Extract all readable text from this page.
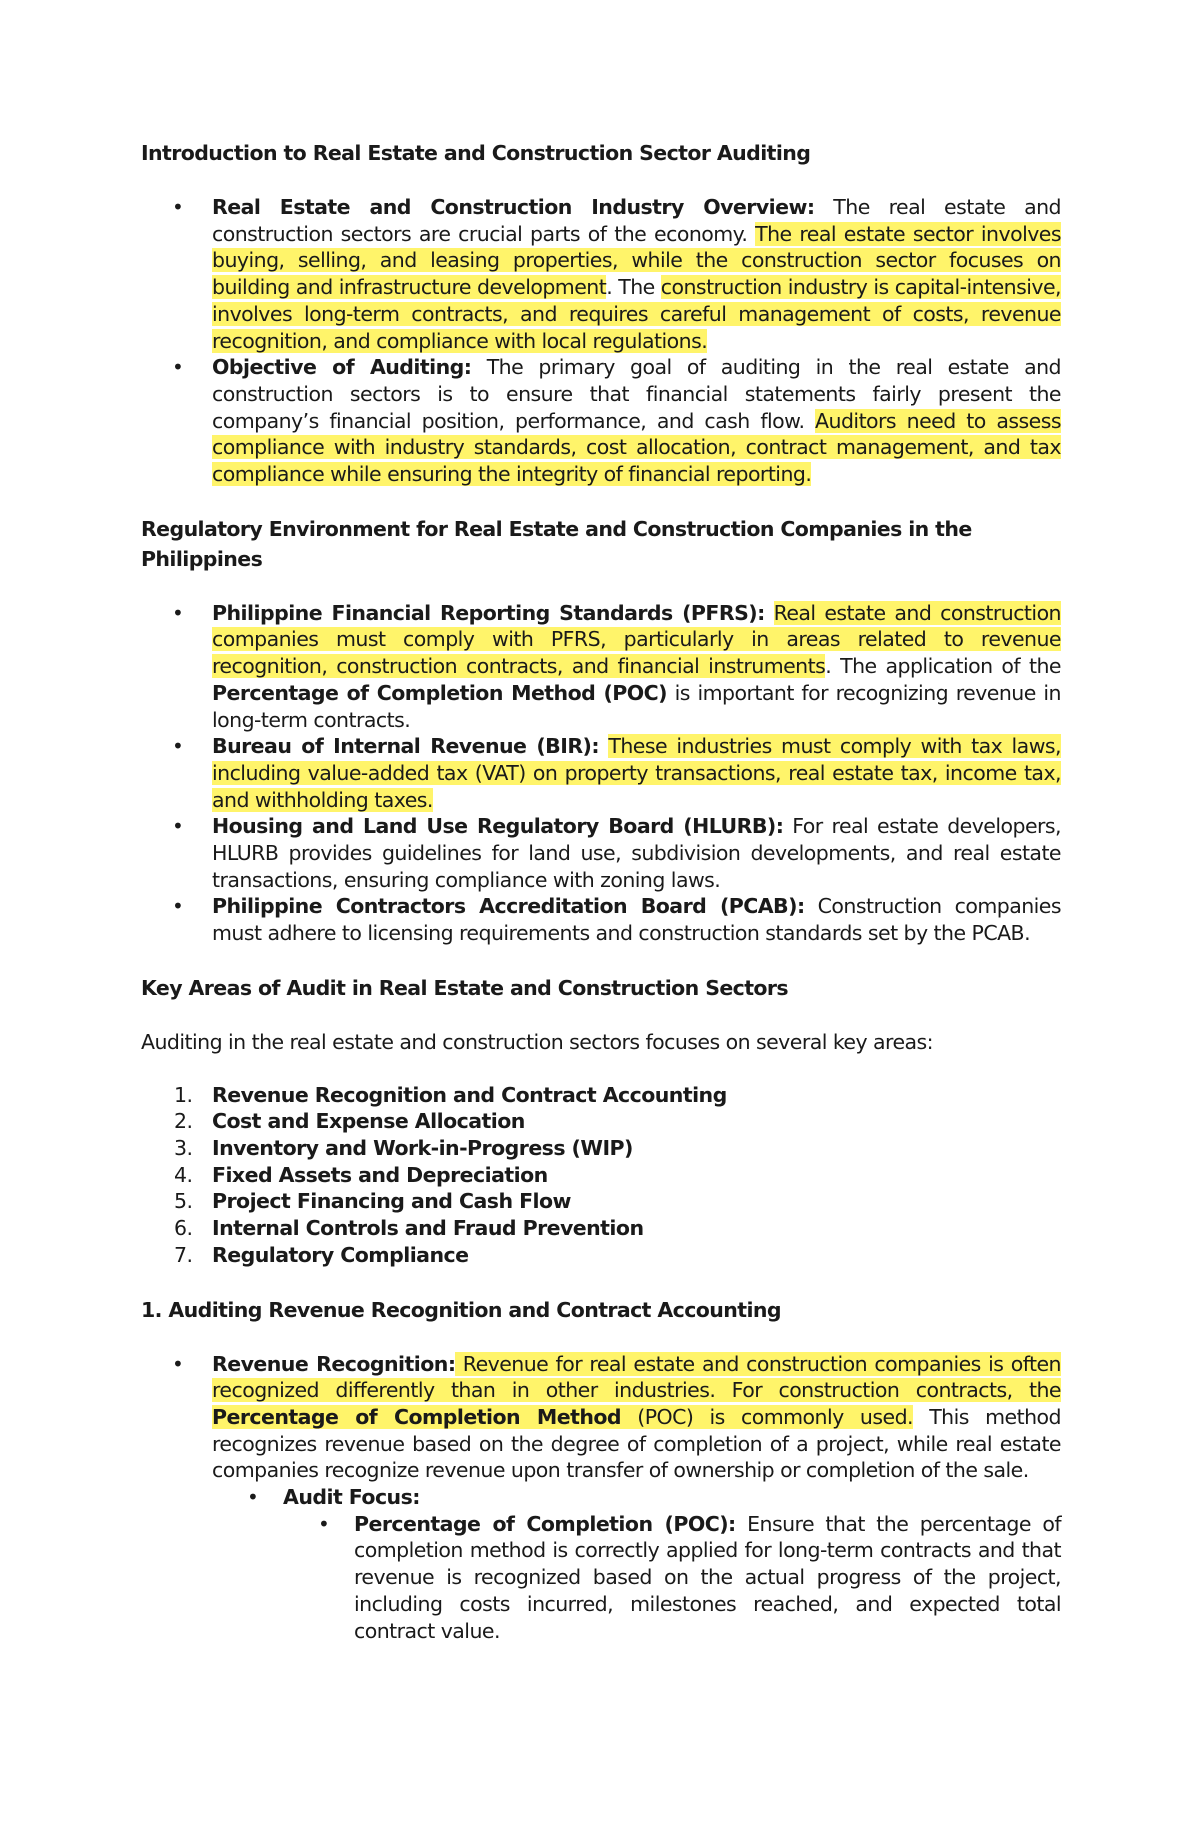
Introduction to Real Estate and Construction Sector Auditing
• Real Estate and Construction Industry Overview: The real estate and construction sectors are crucial parts of the economy. The real estate sector involves buying, selling, and leasing properties, while the construction sector focuses on building and infrastructure development. The construction industry is capital-intensive, involves long-term contracts, and requires careful management of costs, revenue recognition, and compliance with local regulations.
• Objective of Auditing: The primary goal of auditing in the real estate and construction sectors is to ensure that financial statements fairly present the company’s financial position, performance, and cash flow. Auditors need to assess compliance with industry standards, cost allocation, contract management, and tax compliance while ensuring the integrity of financial reporting.
Regulatory Environment for Real Estate and Construction Companies in the Philippines
• Philippine Financial Reporting Standards (PFRS): Real estate and construction companies must comply with PFRS, particularly in areas related to revenue recognition, construction contracts, and financial instruments. The application of the Percentage of Completion Method (POC) is important for recognizing revenue in long-term contracts.
• Bureau of Internal Revenue (BIR): These industries must comply with tax laws, including value-added tax (VAT) on property transactions, real estate tax, income tax, and withholding taxes.
• Housing and Land Use Regulatory Board (HLURB): For real estate developers, HLURB provides guidelines for land use, subdivision developments, and real estate transactions, ensuring compliance with zoning laws.
• Philippine Contractors Accreditation Board (PCAB): Construction companies must adhere to licensing requirements and construction standards set by the PCAB.
Key Areas of Audit in Real Estate and Construction Sectors

Auditing in the real estate and construction sectors focuses on several key areas:

1. Revenue Recognition and Contract Accounting
2. Cost and Expense Allocation
3. Inventory and Work-in-Progress (WIP)
4. Fixed Assets and Depreciation
5. Project Financing and Cash Flow
6. Internal Controls and Fraud Prevention
7. Regulatory Compliance
1. Auditing Revenue Recognition and Contract Accounting
• Revenue Recognition: Revenue for real estate and construction companies is often recognized differently than in other industries. For construction contracts, the Percentage of Completion Method (POC) is commonly used. This method recognizes revenue based on the degree of completion of a project, while real estate companies recognize revenue upon transfer of ownership or completion of the sale.
• Audit Focus:
• Percentage of Completion (POC): Ensure that the percentage of completion method is correctly applied for long-term contracts and that revenue is recognized based on the actual progress of the project, including costs incurred, milestones reached, and expected total contract value.
